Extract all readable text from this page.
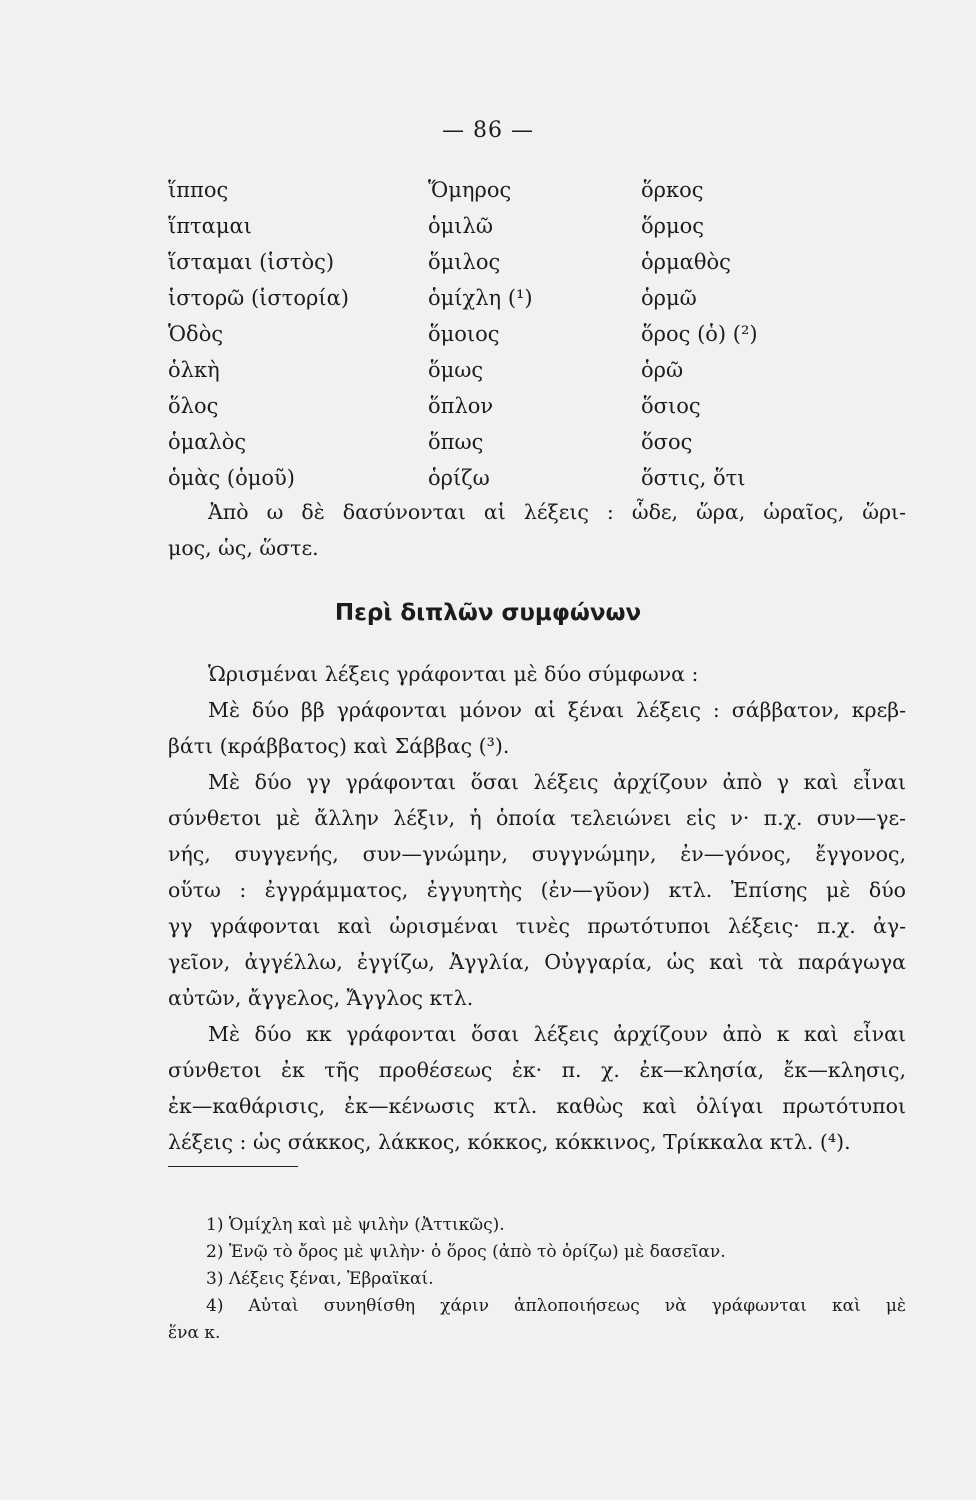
— 86 —
ἵππος
ἵπταμαι
ἵσταμαι (ἱστὸς)
ἱστορῶ (ἱστορία)
Ὁδὸς
ὁλκὴ
ὅλος
ὁμαλὸς
ὁμὰς (ὁμοῦ)
Ὅμηρος
ὁμιλῶ
ὅμιλος
ὁμίχλη (¹)
ὅμοιος
ὅμως
ὅπλον
ὅπως
ὁρίζω
ὅρκος
ὅρμος
ὁρμαθὸς
ὁρμῶ
ὅρος (ὁ) (²)
ὁρῶ
ὅσιος
ὅσος
ὅστις, ὅτι
Ἀπὸ ω δὲ δασύνονται αἱ λέξεις : ὧδε, ὥρα, ὡραῖος, ὥρι-
μος, ὡς, ὥστε.
Περὶ διπλῶν συμφώνων
Ὡρισμέναι λέξεις γράφονται μὲ δύο σύμφωνα :
Μὲ δύο ββ γράφονται μόνον αἱ ξέναι λέξεις : σάββατον, κρεβ-
βάτι (κράββατος) καὶ Σάββας (³).
Μὲ δύο γγ γράφονται ὅσαι λέξεις ἀρχίζουν ἀπὸ γ καὶ εἶναι
σύνθετοι μὲ ἄλλην λέξιν, ἡ ὁποία τελειώνει εἰς ν· π.χ. συν—γε-
νής, συγγενής, συν—γνώμην, συγγνώμην, ἐν—γόνος, ἔγγονος,
οὕτω : ἐγγράμματος, ἐγγυητὴς (ἐν—γῦον) κτλ. Ἐπίσης μὲ δύο
γγ γράφονται καὶ ὡρισμέναι τινὲς πρωτότυποι λέξεις· π.χ. ἀγ-
γεῖον, ἀγγέλλω, ἐγγίζω, Ἀγγλία, Οὐγγαρία, ὡς καὶ τὰ παράγωγα
αὐτῶν, ἄγγελος, Ἄγγλος κτλ.
Μὲ δύο κκ γράφονται ὅσαι λέξεις ἀρχίζουν ἀπὸ κ καὶ εἶναι
σύνθετοι ἐκ τῆς προθέσεως ἐκ· π. χ. ἐκ—κλησία, ἔκ—κλησις,
ἐκ—καθάρισις, ἐκ—κένωσις κτλ. καθὼς καὶ ὀλίγαι πρωτότυποι
λέξεις : ὡς σάκκος, λάκκος, κόκκος, κόκκινος, Τρίκκαλα κτλ. (⁴).
1) Ὁμίχλη καὶ μὲ ψιλὴν (Ἀττικῶς).
2) Ἐνῷ τὸ ὄρος μὲ ψιλὴν· ὁ ὅρος (ἀπὸ τὸ ὁρίζω) μὲ δασεῖαν.
3) Λέξεις ξέναι, Ἑβραϊκαί.
4) Αὐταὶ συνηθίσθη χάριν ἁπλοποιήσεως νὰ γράφωνται καὶ μὲ
ἕνα κ.
